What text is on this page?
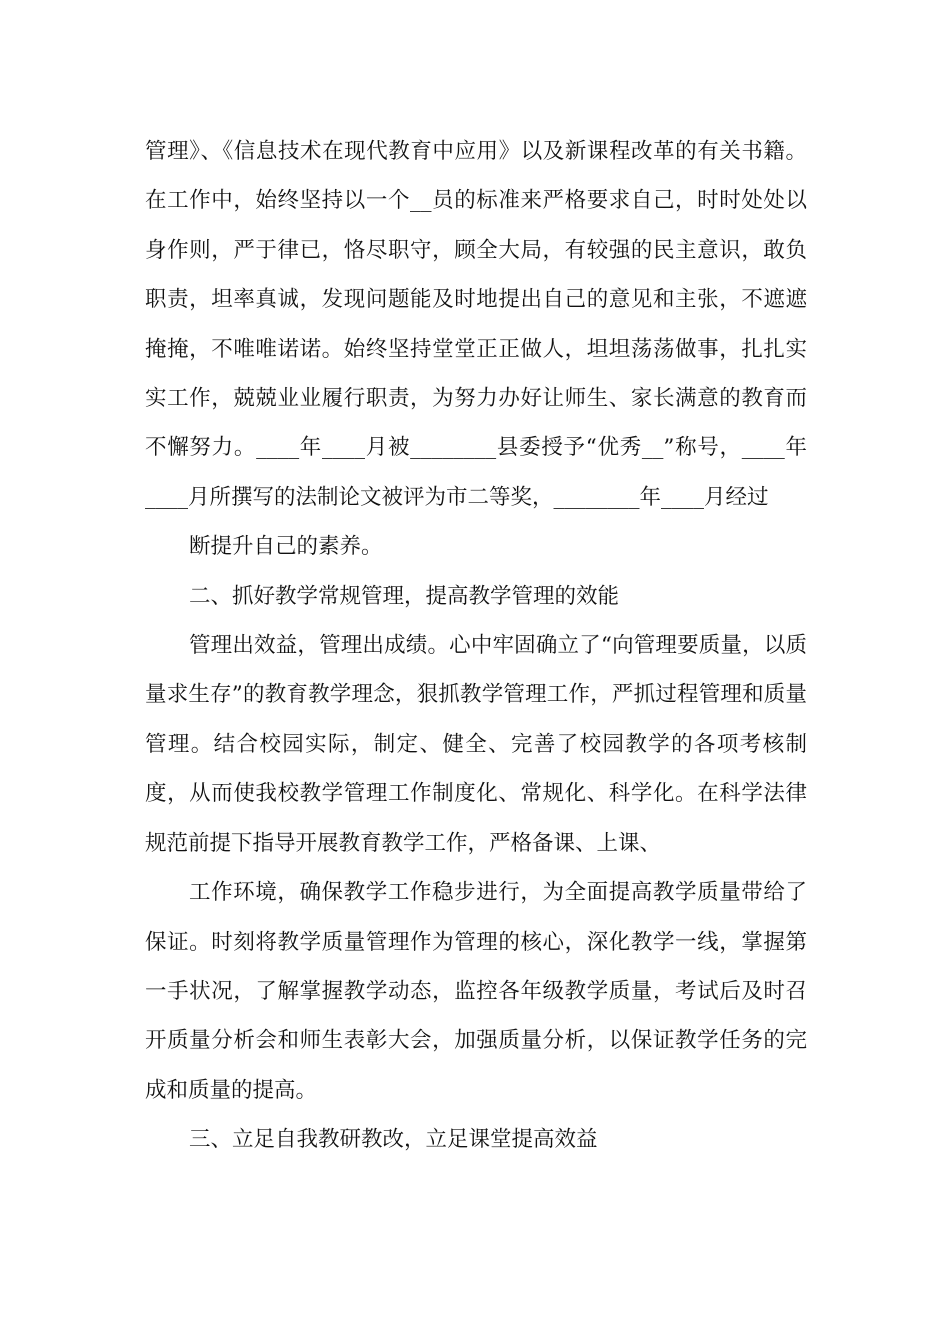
管理》、《信息技术在现代教育中应用》以及新课程改革的有关书籍。在工作中，始终坚持以一个__员的标准来严格要求自己，时时处处以身作则，严于律已，恪尽职守，顾全大局，有较强的民主意识，敢负职责，坦率真诚，发现问题能及时地提出自己的意见和主张，不遮遮掩掩，不唯唯诺诺。始终坚持堂堂正正做人，坦坦荡荡做事，扎扎实实工作，兢兢业业履行职责，为努力办好让师生、家长满意的教育而不懈努力。____年____月被________县委授予“优秀__”称号，____年____月所撰写的法制论文被评为市二等奖，________年____月经过

断提升自己的素养。

二、抓好教学常规管理，提高教学管理的效能

管理出效益，管理出成绩。心中牢固确立了“向管理要质量，以质量求生存”的教育教学理念，狠抓教学管理工作，严抓过程管理和质量管理。结合校园实际，制定、健全、完善了校园教学的各项考核制度，从而使我校教学管理工作制度化、常规化、科学化。在科学法律规范前提下指导开展教育教学工作，严格备课、上课、

工作环境，确保教学工作稳步进行，为全面提高教学质量带给了保证。时刻将教学质量管理作为管理的核心，深化教学一线，掌握第一手状况，了解掌握教学动态，监控各年级教学质量，考试后及时召开质量分析会和师生表彰大会，加强质量分析，以保证教学任务的完成和质量的提高。

三、立足自我教研教改，立足课堂提高效益
